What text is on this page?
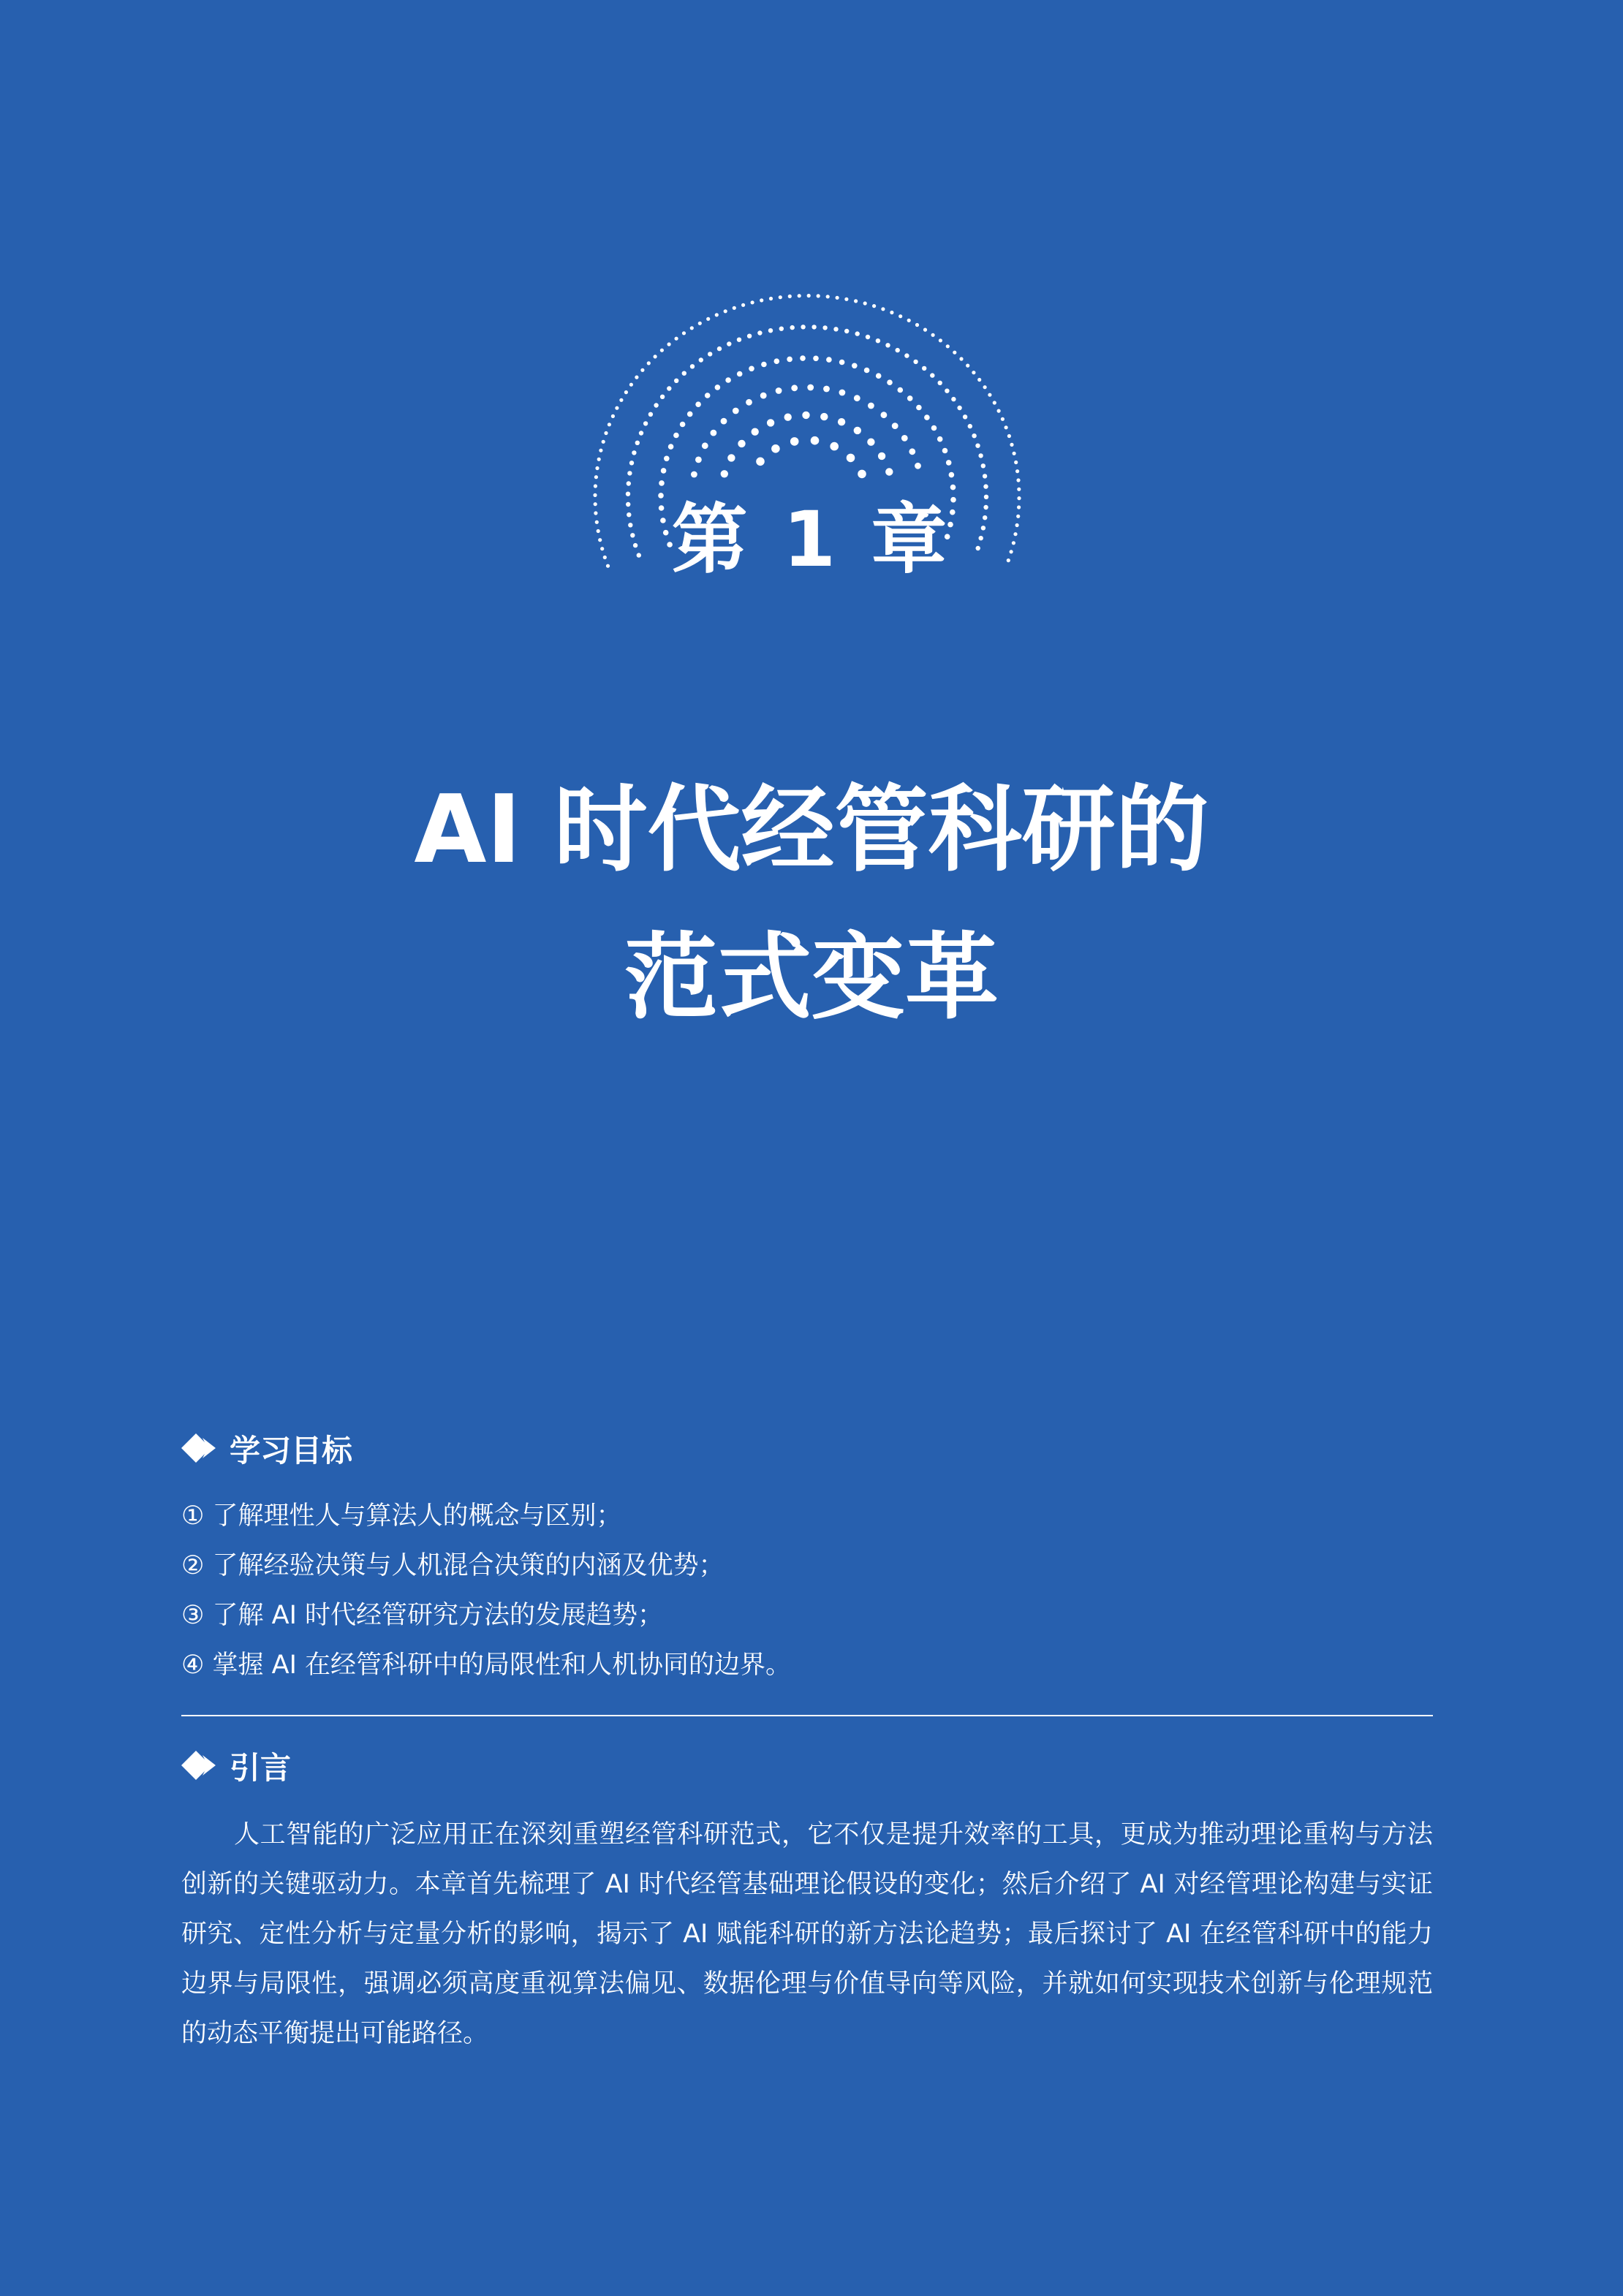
第 1 章
AI 时代经管科研的
范式变革
学习目标
① 了解理性人与算法人的概念与区别；
② 了解经验决策与人机混合决策的内涵及优势；
③ 了解 AI 时代经管研究方法的发展趋势；
④ 掌握 AI 在经管科研中的局限性和人机协同的边界。
引言

人工智能的广泛应用正在深刻重塑经管科研范式，它不仅是提升效率的工具，更成为推动理论重构与方法创新的关键驱动力。本章首先梳理了 AI 时代经管基础理论假设的变化；然后介绍了 AI 对经管理论构建与实证研究、定性分析与定量分析的影响，揭示了 AI 赋能科研的新方法论趋势；最后探讨了 AI 在经管科研中的能力边界与局限性，强调必须高度重视算法偏见、数据伦理与价值导向等风险，并就如何实现技术创新与伦理规范的动态平衡提出可能路径。
